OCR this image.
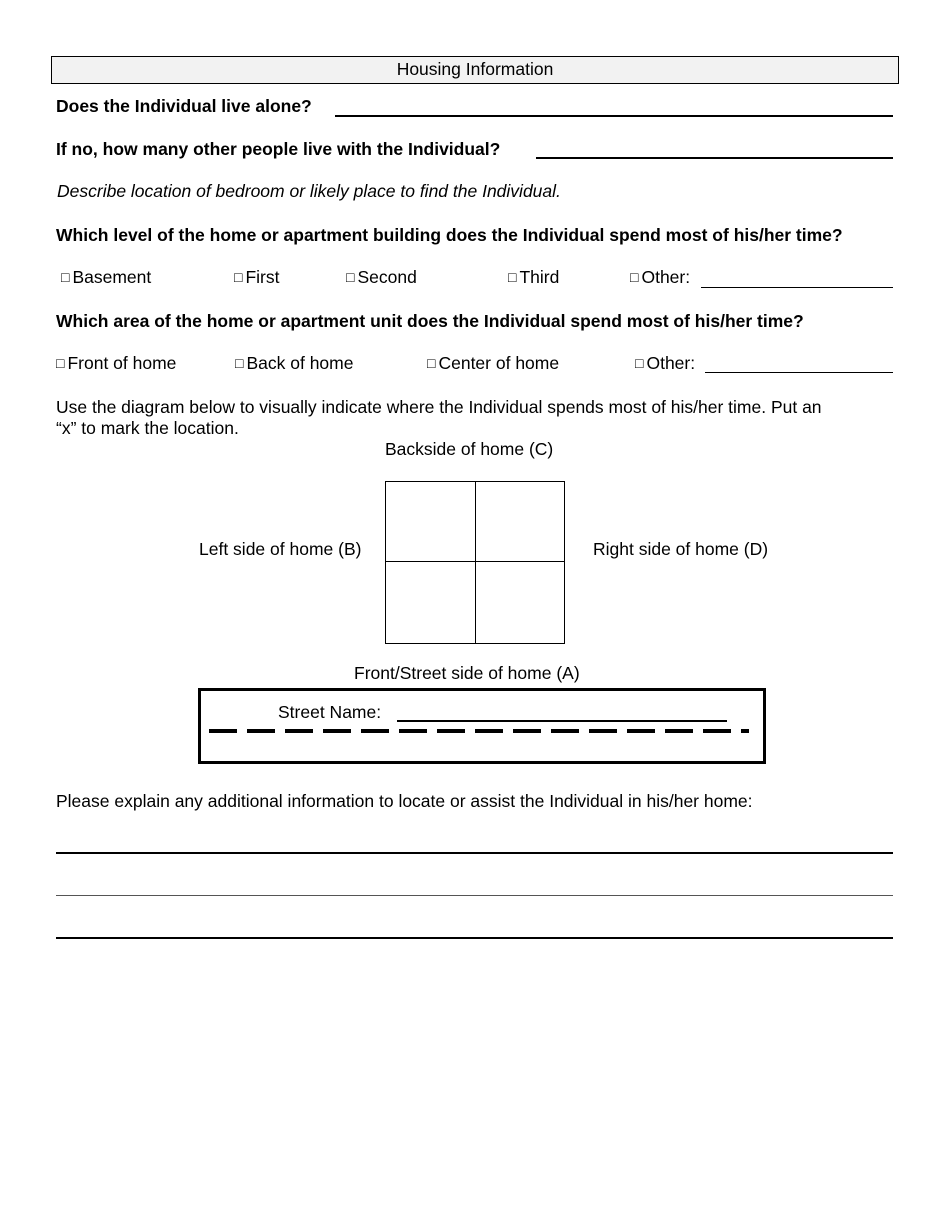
Housing Information
Does the Individual live alone?
If no, how many other people live with the Individual?
Describe location of bedroom or likely place to find the Individual.
Which level of the home or apartment building does the Individual spend most of his/her time?
□ Basement	□ First	□ Second	□ Third	□ Other:
Which area of the home or apartment unit does the Individual spend most of his/her time?
□ Front of home	□ Back of home	□ Center of home	□ Other:
Use the diagram below to visually indicate where the Individual spends most of his/her time. Put an
“x” to mark the location.
Backside of home (C)
Left side of home (B)	Right side of home (D)
Front/Street side of home (A)
Street Name:
Please explain any additional information to locate or assist the Individual in his/her home:
